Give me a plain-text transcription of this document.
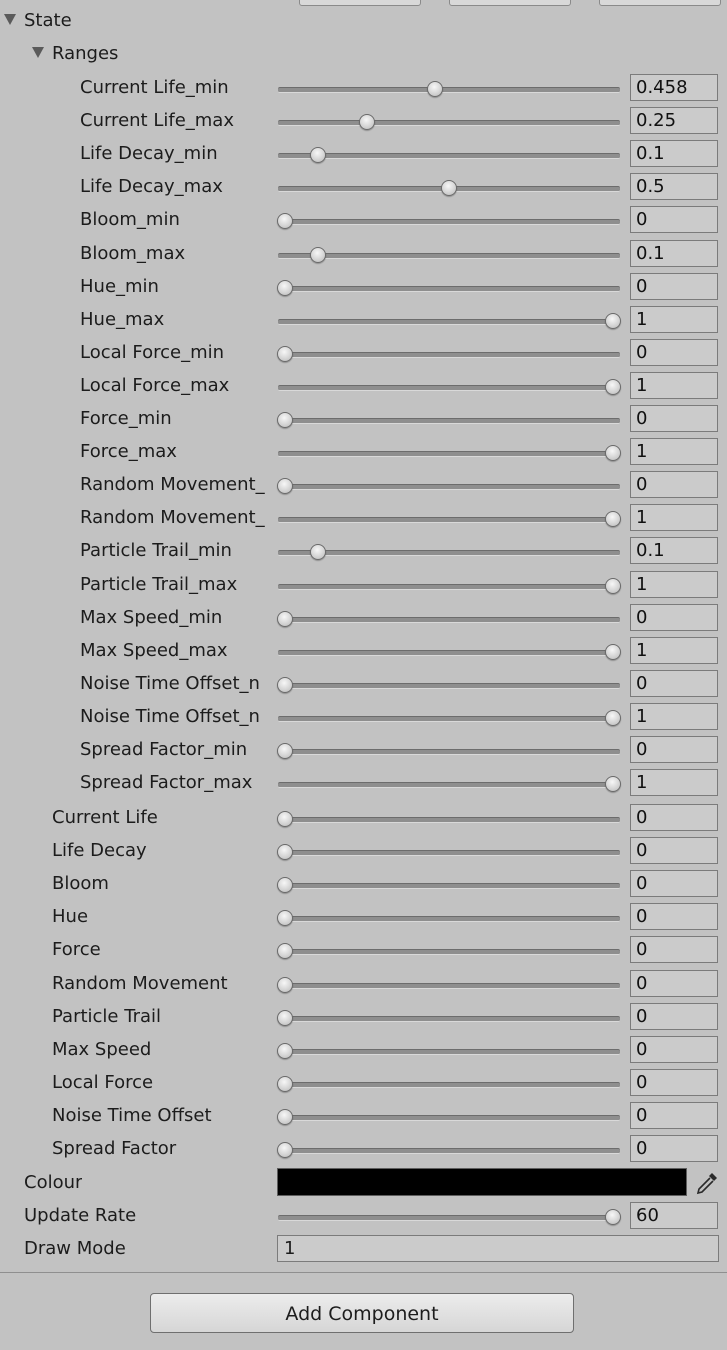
State
Ranges
Current Life_min	0.458
Current Life_max	0.25
Life Decay_min	0.1
Life Decay_max	0.5
Bloom_min	0
Bloom_max	0.1
Hue_min	0
Hue_max	1
Local Force_min	0
Local Force_max	1
Force_min	0
Force_max	1
Random Movement_	0
Random Movement_	1
Particle Trail_min	0.1
Particle Trail_max	1
Max Speed_min	0
Max Speed_max	1
Noise Time Offset_n	0
Noise Time Offset_n	1
Spread Factor_min	0
Spread Factor_max	1
Current Life	0
Life Decay	0
Bloom	0
Hue	0
Force	0
Random Movement	0
Particle Trail	0
Max Speed	0
Local Force	0
Noise Time Offset	0
Spread Factor	0
Colour
Update Rate	60
Draw Mode	1
Add Component
